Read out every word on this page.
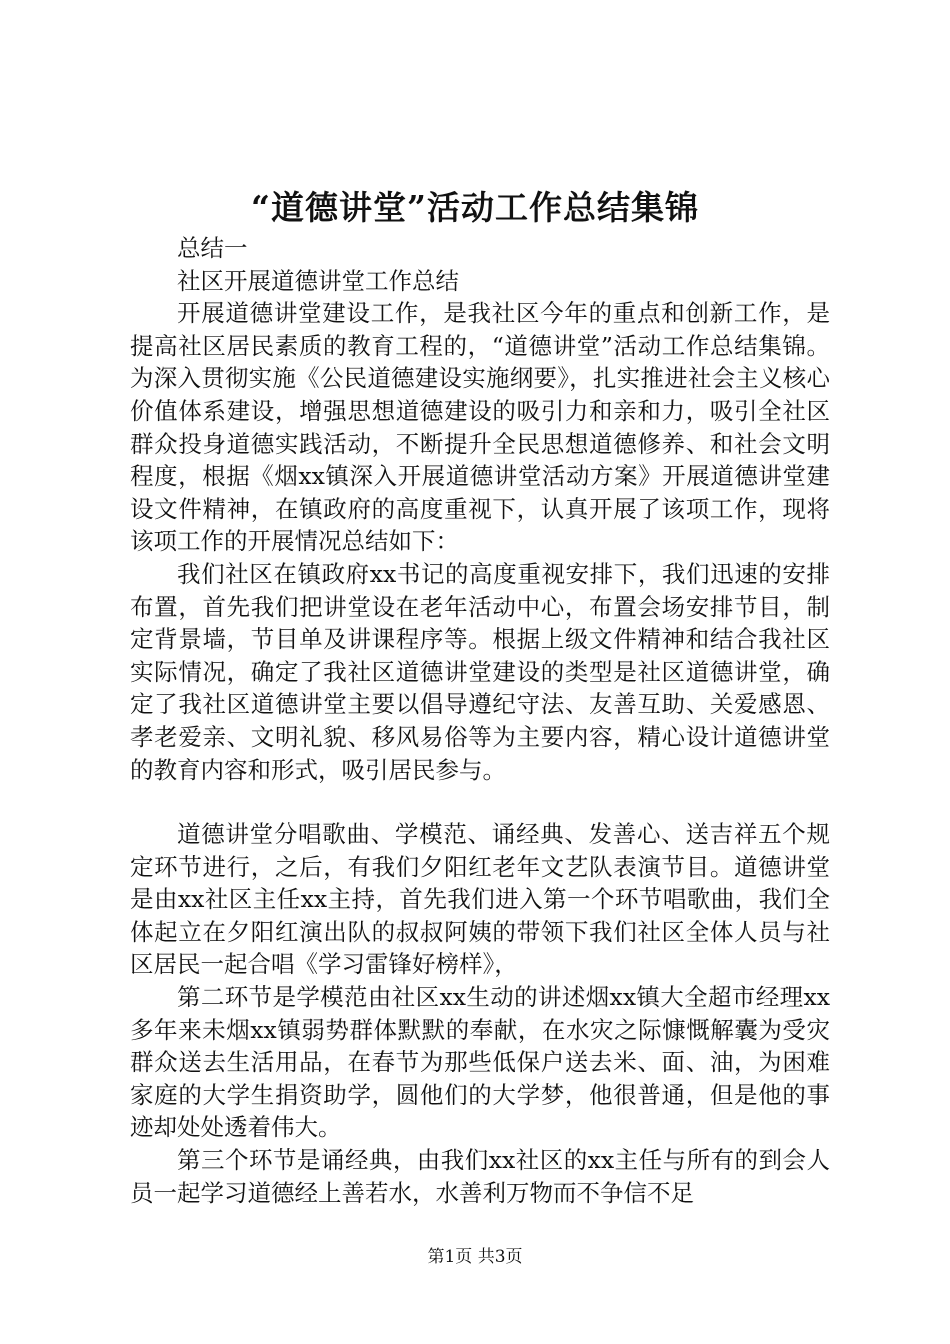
“道德讲堂”活动工作总结集锦

总结一

社区开展道德讲堂工作总结

开展道德讲堂建设工作，是我社区今年的重点和创新工作，是提高社区居民素质的教育工程的，“道德讲堂”活动工作总结集锦。为深入贯彻实施《公民道德建设实施纲要》，扎实推进社会主义核心价值体系建设，增强思想道德建设的吸引力和亲和力，吸引全社区群众投身道德实践活动，不断提升全民思想道德修养、和社会文明程度，根据《烟xx镇深入开展道德讲堂活动方案》开展道德讲堂建设文件精神，在镇政府的高度重视下，认真开展了该项工作，现将该项工作的开展情况总结如下：

我们社区在镇政府xx书记的高度重视安排下，我们迅速的安排布置，首先我们把讲堂设在老年活动中心，布置会场安排节目，制定背景墙，节目单及讲课程序等。根据上级文件精神和结合我社区实际情况，确定了我社区道德讲堂建设的类型是社区道德讲堂，确定了我社区道德讲堂主要以倡导遵纪守法、友善互助、关爱感恩、孝老爱亲、文明礼貌、移风易俗等为主要内容，精心设计道德讲堂的教育内容和形式，吸引居民参与。

道德讲堂分唱歌曲、学模范、诵经典、发善心、送吉祥五个规定环节进行，之后，有我们夕阳红老年文艺队表演节目。道德讲堂是由xx社区主任xx主持，首先我们进入第一个环节唱歌曲，我们全体起立在夕阳红演出队的叔叔阿姨的带领下我们社区全体人员与社区居民一起合唱《学习雷锋好榜样》，

第二环节是学模范由社区xx生动的讲述烟xx镇大全超市经理xx多年来未烟xx镇弱势群体默默的奉献，在水灾之际慷慨解囊为受灾群众送去生活用品，在春节为那些低保户送去米、面、油，为困难家庭的大学生捐资助学，圆他们的大学梦，他很普通，但是他的事迹却处处透着伟大。

第三个环节是诵经典，由我们xx社区的xx主任与所有的到会人员一起学习道德经上善若水，水善利万物而不争信不足

第1页 共3页
